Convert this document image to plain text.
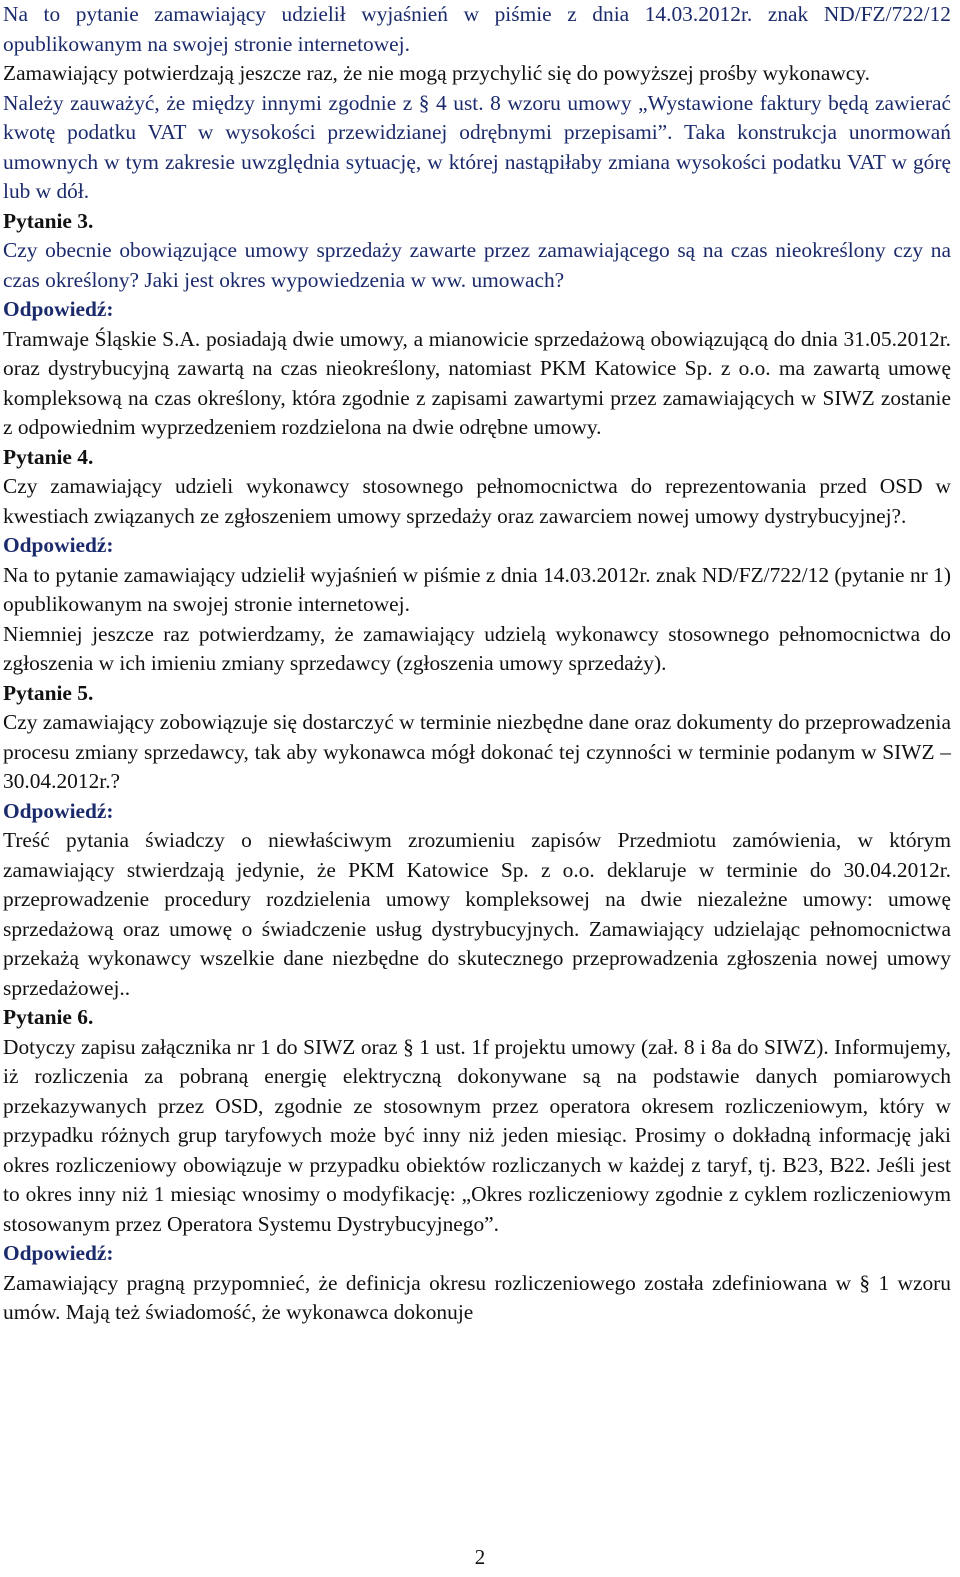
Na to pytanie zamawiający udzielił wyjaśnień w piśmie z dnia 14.03.2012r. znak ND/FZ/722/12 opublikowanym na swojej stronie internetowej.

Zamawiający potwierdzają jeszcze raz, że nie mogą przychylić się do powyższej prośby wykonawcy.

Należy zauważyć, że między innymi zgodnie z § 4 ust. 8 wzoru umowy „Wystawione faktury będą zawierać kwotę podatku VAT w wysokości przewidzianej odrębnymi przepisami”. Taka konstrukcja unormowań umownych w tym zakresie uwzględnia sytuację, w której nastąpiłaby zmiana wysokości podatku VAT w górę lub w dół.

Pytanie 3.

Czy obecnie obowiązujące umowy sprzedaży zawarte przez zamawiającego są na czas nieokreślony czy na czas określony? Jaki jest okres wypowiedzenia w ww. umowach?

Odpowiedź:

Tramwaje Śląskie S.A. posiadają dwie umowy, a mianowicie sprzedażową obowiązującą do dnia 31.05.2012r. oraz dystrybucyjną zawartą na czas nieokreślony, natomiast PKM Katowice Sp. z o.o. ma zawartą umowę kompleksową na czas określony, która zgodnie z zapisami zawartymi przez zamawiających w SIWZ zostanie z odpowiednim wyprzedzeniem rozdzielona na dwie odrębne umowy.

Pytanie 4.

Czy zamawiający udzieli wykonawcy stosownego pełnomocnictwa do reprezentowania przed OSD w kwestiach związanych ze zgłoszeniem umowy sprzedaży oraz zawarciem nowej umowy dystrybucyjnej?.

Odpowiedź:

Na to pytanie zamawiający udzielił wyjaśnień w piśmie z dnia 14.03.2012r. znak ND/FZ/722/12 (pytanie nr 1) opublikowanym na swojej stronie internetowej.

Niemniej jeszcze raz potwierdzamy, że zamawiający udzielą wykonawcy stosownego pełnomocnictwa do zgłoszenia w ich imieniu zmiany sprzedawcy (zgłoszenia umowy sprzedaży).

Pytanie 5.

Czy zamawiający zobowiązuje się dostarczyć w terminie niezbędne dane oraz dokumenty do przeprowadzenia procesu zmiany sprzedawcy, tak aby wykonawca mógł dokonać tej czynności w terminie podanym w SIWZ – 30.04.2012r.?

Odpowiedź:

Treść pytania świadczy o niewłaściwym zrozumieniu zapisów Przedmiotu zamówienia, w którym zamawiający stwierdzają jedynie, że PKM Katowice Sp. z o.o. deklaruje w terminie do 30.04.2012r. przeprowadzenie procedury rozdzielenia umowy kompleksowej na dwie niezależne umowy: umowę sprzedażową oraz umowę o świadczenie usług dystrybucyjnych. Zamawiający udzielając pełnomocnictwa przekażą wykonawcy wszelkie dane niezbędne do skutecznego przeprowadzenia zgłoszenia nowej umowy sprzedażowej..

Pytanie 6.

Dotyczy zapisu załącznika nr 1 do SIWZ oraz § 1 ust. 1f projektu umowy (zał. 8 i 8a do SIWZ). Informujemy, iż rozliczenia za pobraną energię elektryczną dokonywane są na podstawie danych pomiarowych przekazywanych przez OSD, zgodnie ze stosownym przez operatora okresem rozliczeniowym, który w przypadku różnych grup taryfowych może być inny niż jeden miesiąc. Prosimy o dokładną informację jaki okres rozliczeniowy obowiązuje w przypadku obiektów rozliczanych w każdej z taryf, tj. B23, B22. Jeśli jest to okres inny niż 1 miesiąc wnosimy o modyfikację: „Okres rozliczeniowy zgodnie z cyklem rozliczeniowym stosowanym przez Operatora Systemu Dystrybucyjnego”.

Odpowiedź:

Zamawiający pragną przypomnieć, że definicja okresu rozliczeniowego została zdefiniowana w § 1 wzoru umów. Mają też świadomość, że wykonawca dokonuje

2
